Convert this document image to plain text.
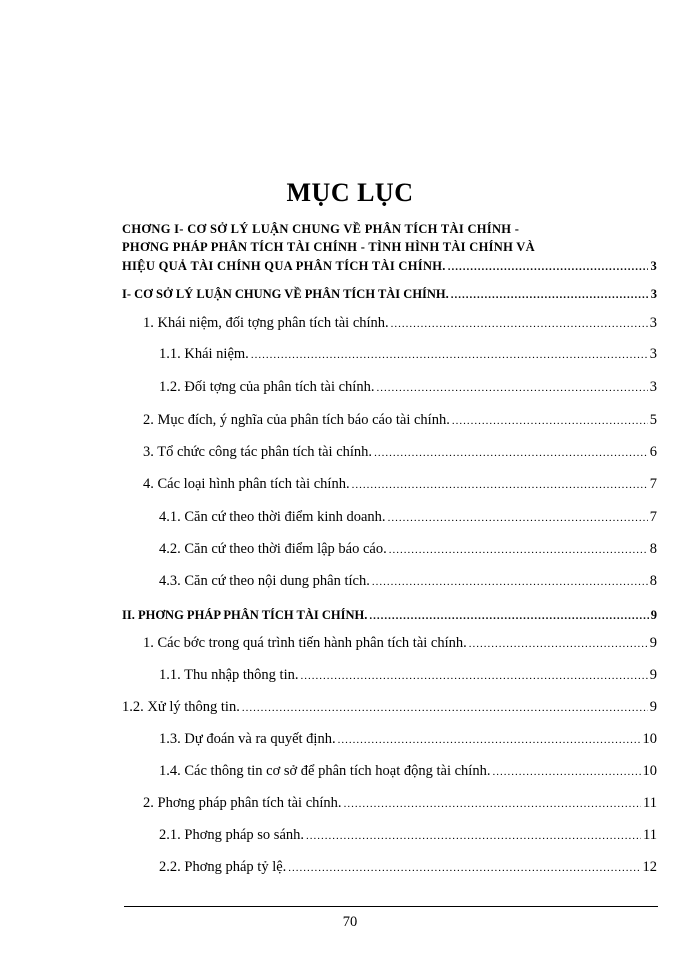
MỤC LỤC
CHƠNG I- CƠ SỞ LÝ LUẬN CHUNG VỀ PHÂN TÍCH TÀI CHÍNH -
PHƠNG PHÁP PHÂN TÍCH TÀI CHÍNH - TÌNH HÌNH TÀI CHÍNH VÀ
HIỆU QUẢ TÀI CHÍNH QUA PHÂN TÍCH TÀI CHÍNH. .....	3
I- CƠ SỞ LÝ LUẬN CHUNG VỀ PHÂN TÍCH TÀI CHÍNH. .....	3
1. Khái niệm, đối tợng phân tích tài chính. .....	3
1.1. Khái niệm. .....	3
1.2. Đối tợng của phân tích tài chính. .....	3
2. Mục đích, ý nghĩa của phân tích báo cáo tài chính. .....	5
3. Tổ chức công tác phân tích tài chính. .....	6
4. Các loại hình phân tích tài chính. .....	7
4.1. Căn cứ theo thời điểm kinh doanh. .....	7
4.2. Căn cứ theo thời điểm lập báo cáo. .....	8
4.3. Căn cứ theo nội dung phân tích. .....	8
II. PHƠNG PHÁP PHÂN TÍCH TÀI CHÍNH. .....	9
1. Các bớc trong quá trình tiến hành phân tích tài chính. .....	9
1.1. Thu nhập thông tin. .....	9
1.2. Xử lý thông tin. .....	9
1.3. Dự đoán và ra quyết định. .....	10
1.4. Các thông tin cơ sở để phân tích hoạt động tài chính. .....	10
2. Phơng pháp phân tích tài chính. .....	11
2.1. Phơng pháp so sánh. .....	11
2.2. Phơng pháp tỷ lệ. .....	12
70
